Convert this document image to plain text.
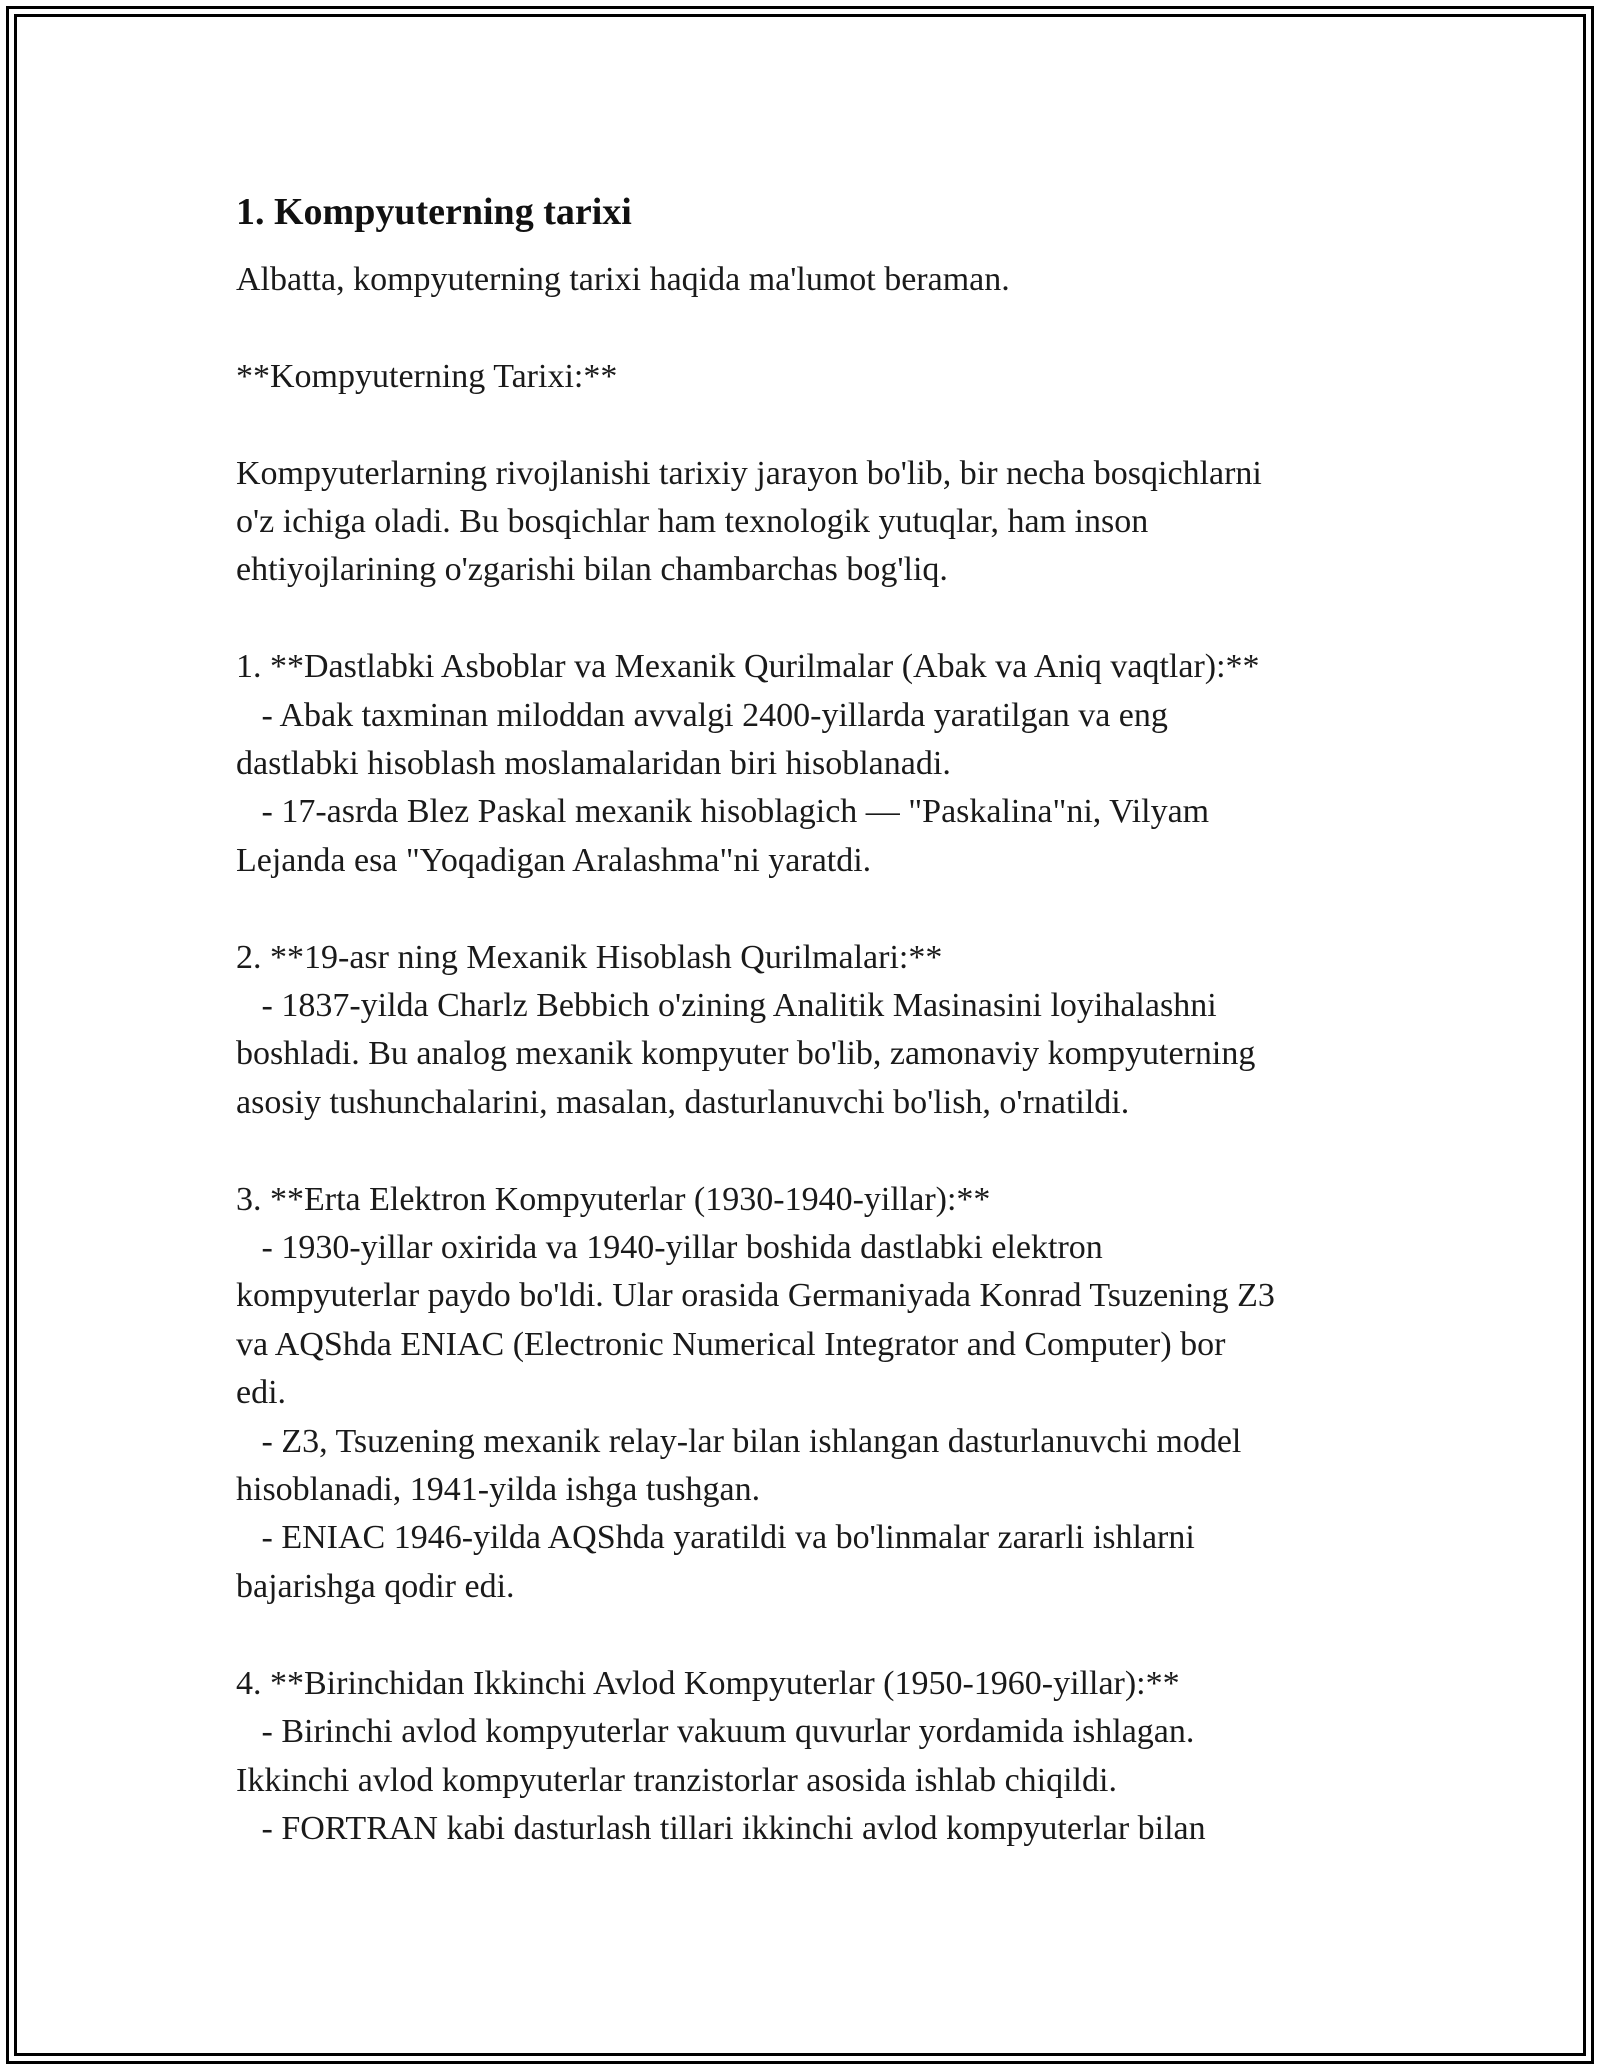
1. Kompyuterning tarixi
Albatta, kompyuterning tarixi haqida ma'lumot beraman.
**Kompyuterning Tarixi:**
Kompyuterlarning rivojlanishi tarixiy jarayon bo'lib, bir necha bosqichlarni
o'z ichiga oladi. Bu bosqichlar ham texnologik yutuqlar, ham inson
ehtiyojlarining o'zgarishi bilan chambarchas bog'liq.
1. **Dastlabki Asboblar va Mexanik Qurilmalar (Abak va Aniq vaqtlar):**
- Abak taxminan miloddan avvalgi 2400-yillarda yaratilgan va eng
dastlabki hisoblash moslamalaridan biri hisoblanadi.
- 17-asrda Blez Paskal mexanik hisoblagich — "Paskalina"ni, Vilyam
Lejanda esa "Yoqadigan Aralashma"ni yaratdi.
2. **19-asr ning Mexanik Hisoblash Qurilmalari:**
- 1837-yilda Charlz Bebbich o'zining Analitik Masinasini loyihalashni
boshladi. Bu analog mexanik kompyuter bo'lib, zamonaviy kompyuterning
asosiy tushunchalarini, masalan, dasturlanuvchi bo'lish, o'rnatildi.
3. **Erta Elektron Kompyuterlar (1930-1940-yillar):**
- 1930-yillar oxirida va 1940-yillar boshida dastlabki elektron
kompyuterlar paydo bo'ldi. Ular orasida Germaniyada Konrad Tsuzening Z3
va AQShda ENIAC (Electronic Numerical Integrator and Computer) bor
edi.
- Z3, Tsuzening mexanik relay-lar bilan ishlangan dasturlanuvchi model
hisoblanadi, 1941-yilda ishga tushgan.
- ENIAC 1946-yilda AQShda yaratildi va bo'linmalar zararli ishlarni
bajarishga qodir edi.
4. **Birinchidan Ikkinchi Avlod Kompyuterlar (1950-1960-yillar):**
- Birinchi avlod kompyuterlar vakuum quvurlar yordamida ishlagan.
Ikkinchi avlod kompyuterlar tranzistorlar asosida ishlab chiqildi.
- FORTRAN kabi dasturlash tillari ikkinchi avlod kompyuterlar bilan
